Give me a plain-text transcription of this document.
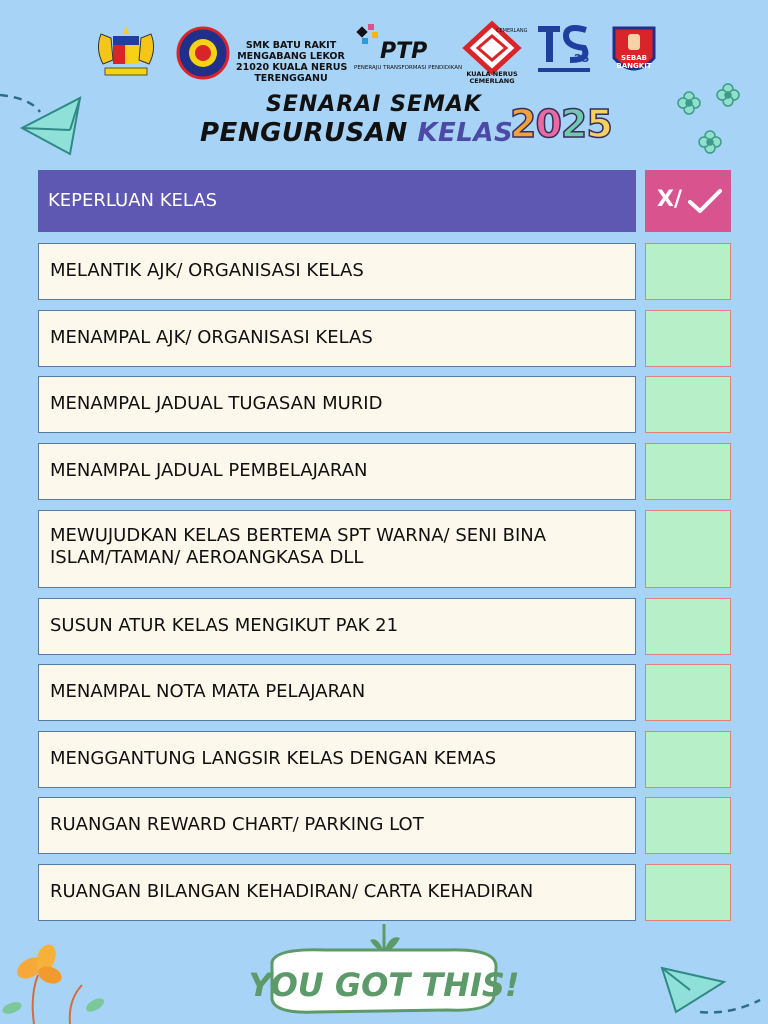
SMK BATU RAKIT
MENGABANG LEKOR
21020 KUALA NERUS
TERENGGANU
PTP
PENERAJU TRANSFORMASI PENDIDIKAN
CEMERLANG
KUALA NERUS
CEMERLANG
25	SEBAB
BANGKIT
SENARAI SEMAK
PENGURUSAN KELAS
2025
KEPERLUAN KELAS	X/
MELANTIK AJK/ ORGANISASI KELAS
MENAMPAL AJK/ ORGANISASI KELAS
MENAMPAL JADUAL TUGASAN MURID
MENAMPAL JADUAL PEMBELAJARAN
MEWUJUDKAN KELAS BERTEMA SPT WARNA/ SENI BINA ISLAM/TAMAN/ AEROANGKASA DLL
SUSUN ATUR KELAS MENGIKUT PAK 21
MENAMPAL NOTA MATA PELAJARAN
MENGGANTUNG LANGSIR KELAS DENGAN KEMAS
RUANGAN REWARD CHART/ PARKING LOT
RUANGAN BILANGAN KEHADIRAN/ CARTA KEHADIRAN
YOU GOT THIS!
